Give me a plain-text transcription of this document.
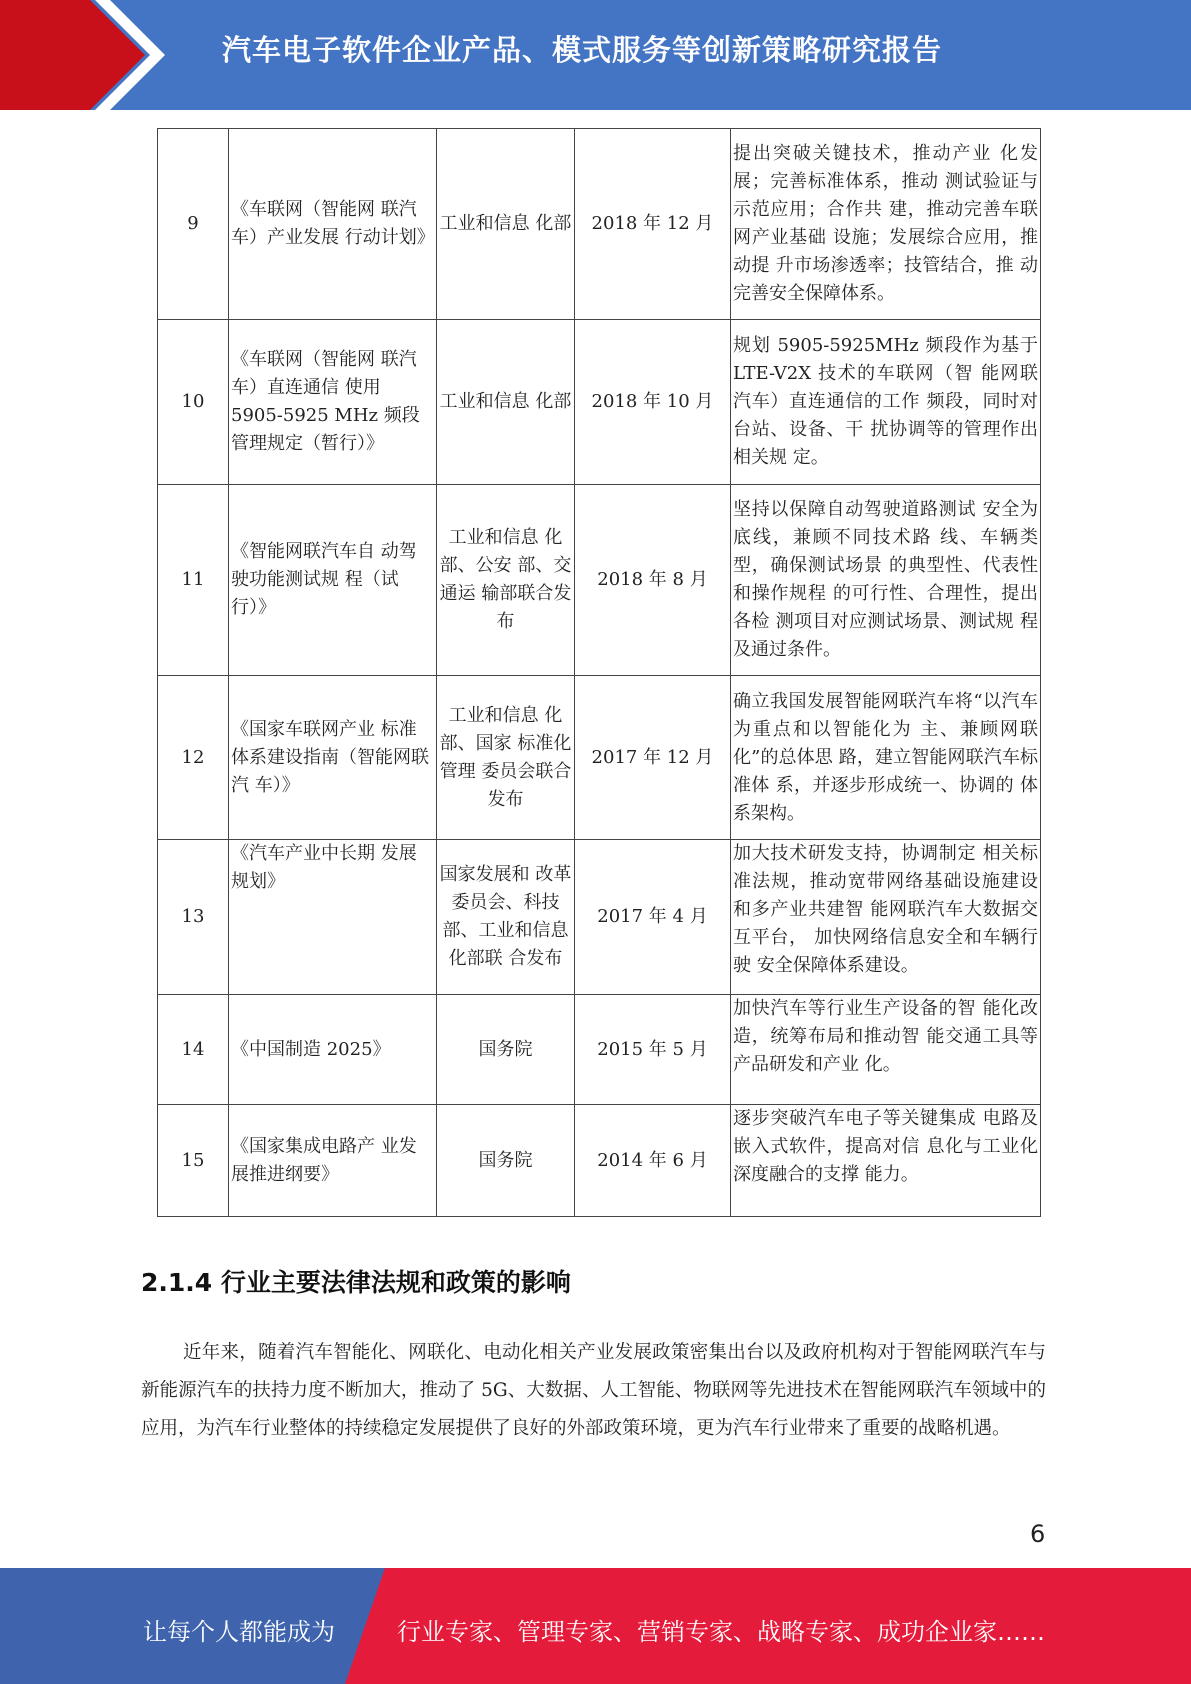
汽车电子软件企业产品、模式服务等创新策略研究报告
9	《车联网（智能网 联汽车）产业发展 行动计划》	工业和信息 化部	2018 年 12 月	提出突破关键技术，推动产业 化发展；完善标准体系，推动 测试验证与示范应用；合作共 建，推动完善车联网产业基础 设施；发展综合应用，推动提 升市场渗透率；技管结合，推 动完善安全保障体系。
10	《车联网（智能网 联汽车）直连通信 使用 5905-5925 MHz 频段管理规定（暂行）》	工业和信息 化部	2018 年 10 月	规划 5905-5925MHz 频段作为基于 LTE-V2X 技术的车联网（智 能网联汽车）直连通信的工作 频段，同时对台站、设备、干 扰协调等的管理作出相关规 定。
11	《智能网联汽车自 动驾驶功能测试规 程（试行）》	工业和信息 化部、公安 部、交通运 输部联合发 布	2018 年 8 月	坚持以保障自动驾驶道路测试 安全为底线，兼顾不同技术路 线、车辆类型，确保测试场景 的典型性、代表性和操作规程 的可行性、合理性，提出各检 测项目对应测试场景、测试规 程及通过条件。
12	《国家车联网产业 标准体系建设指南（智能网联汽 车）》	工业和信息 化部、国家 标准化管理 委员会联合 发布	2017 年 12 月	确立我国发展智能网联汽车将“以汽车为重点和以智能化为 主、兼顾网联化”的总体思 路，建立智能网联汽车标准体 系，并逐步形成统一、协调的 体系架构。
13	《汽车产业中长期 发展规划》	国家发展和 改革委员会、科技 部、工业和信息化部联 合发布	2017 年 4 月	加大技术研发支持，协调制定 相关标准法规，推动宽带网络基础设施建设和多产业共建智 能网联汽车大数据交互平台， 加快网络信息安全和车辆行驶 安全保障体系建设。
14	《中国制造 2025》	国务院	2015 年 5 月	加快汽车等行业生产设备的智 能化改造，统筹布局和推动智 能交通工具等产品研发和产业 化。
15	《国家集成电路产 业发展推进纲要》	国务院	2014 年 6 月	逐步突破汽车电子等关键集成 电路及嵌入式软件，提高对信 息化与工业化深度融合的支撑 能力。
2.1.4 行业主要法律法规和政策的影响
近年来，随着汽车智能化、网联化、电动化相关产业发展政策密集出台以及政府机构对于智能网联汽车与新能源汽车的扶持力度不断加大，推动了 5G、大数据、人工智能、物联网等先进技术在智能网联汽车领域中的应用，为汽车行业整体的持续稳定发展提供了良好的外部政策环境，更为汽车行业带来了重要的战略机遇。
6
让每个人都能成为	行业专家、管理专家、营销专家、战略专家、成功企业家……
